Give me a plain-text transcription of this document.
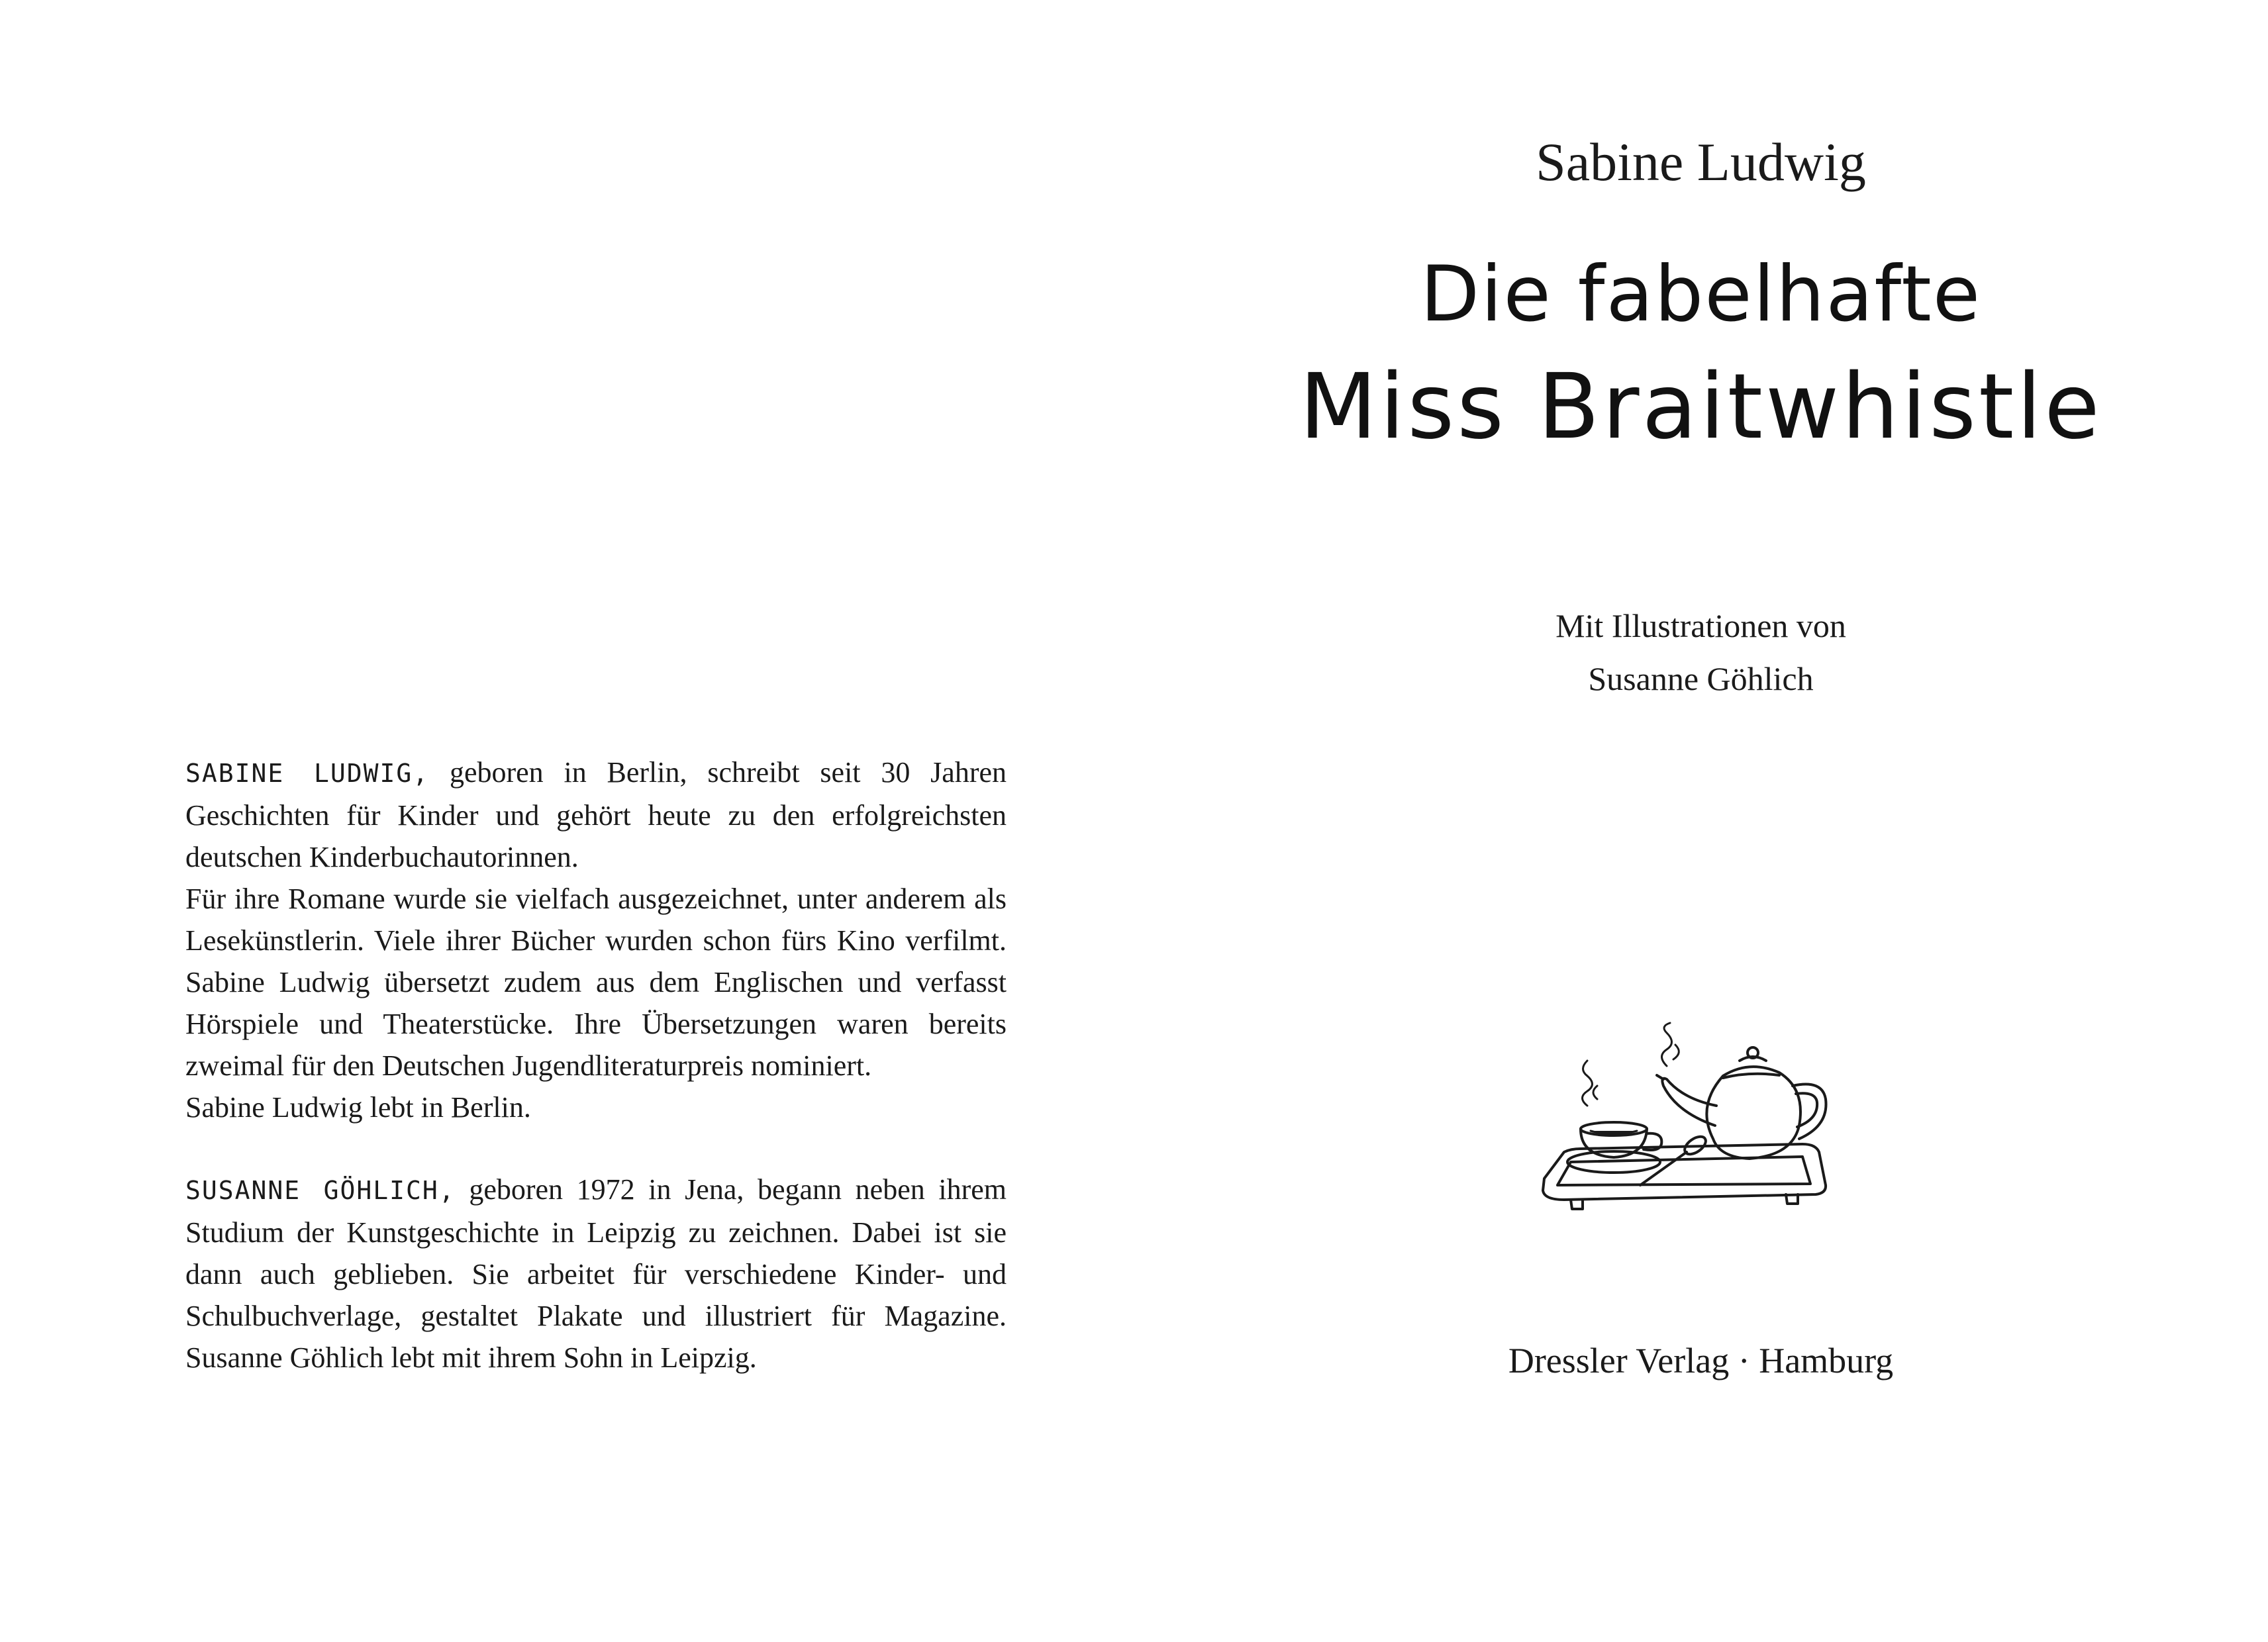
SABINE LUDWIG, geboren in Berlin, schreibt seit 30 Jahren Geschichten für Kinder und gehört heute zu den erfolgreichsten deutschen Kinderbuchautorinnen.

Für ihre Romane wurde sie vielfach ausgezeichnet, unter anderem als Lesekünstlerin. Viele ihrer Bücher wurden schon fürs Kino verfilmt. Sabine Ludwig übersetzt zudem aus dem Englischen und verfasst Hörspiele und Theaterstücke. Ihre Übersetzungen waren bereits zweimal für den Deutschen Jugendliteraturpreis nominiert.

Sabine Ludwig lebt in Berlin.

SUSANNE GÖHLICH, geboren 1972 in Jena, begann neben ihrem Studium der Kunstgeschichte in Leipzig zu zeichnen. Dabei ist sie dann auch geblieben. Sie arbeitet für verschiedene Kinder- und Schulbuchverlage, gestaltet Plakate und illustriert für Magazine. Susanne Göhlich lebt mit ihrem Sohn in Leipzig.

Sabine Ludwig
Die fabelhafte
Miss Braitwhistle
Mit Illustrationen von
Susanne Göhlich
Dressler Verlag · Hamburg
